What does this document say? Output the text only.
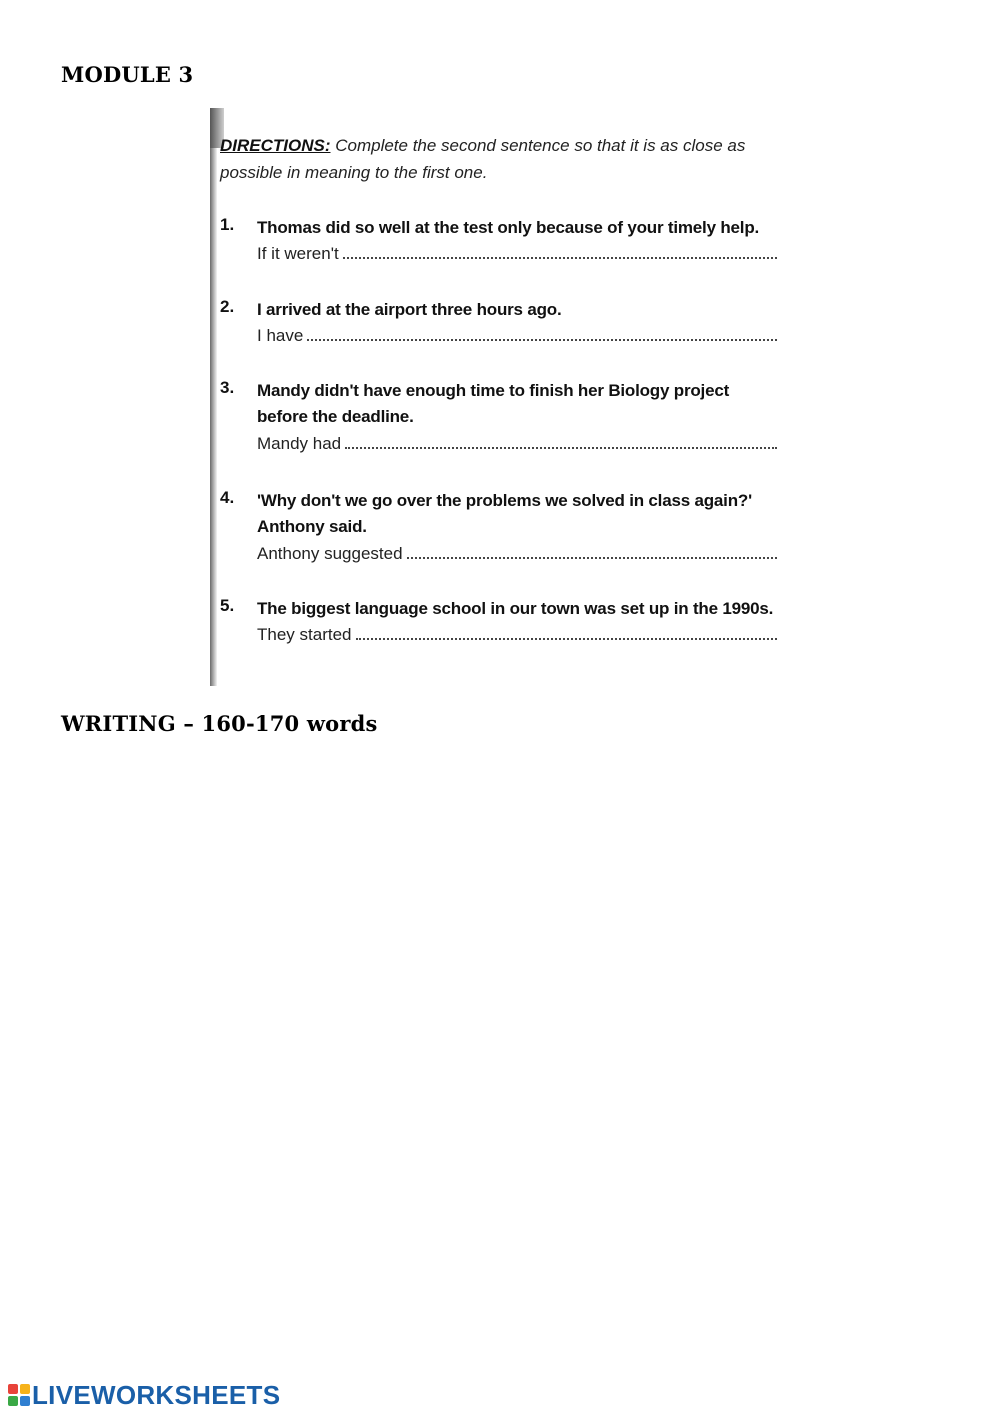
MODULE 3
DIRECTIONS: Complete the second sentence so that it is as close as possible in meaning to the first one.
1. Thomas did so well at the test only because of your timely help.
If it weren't
2. I arrived at the airport three hours ago.
I have
3. Mandy didn't have enough time to finish her Biology project before the deadline.
Mandy had
4. 'Why don't we go over the problems we solved in class again?' Anthony said.
Anthony suggested
5. The biggest language school in our town was set up in the 1990s.
They started
WRITING – 160-170 words
LIVEWORKSHEETS
